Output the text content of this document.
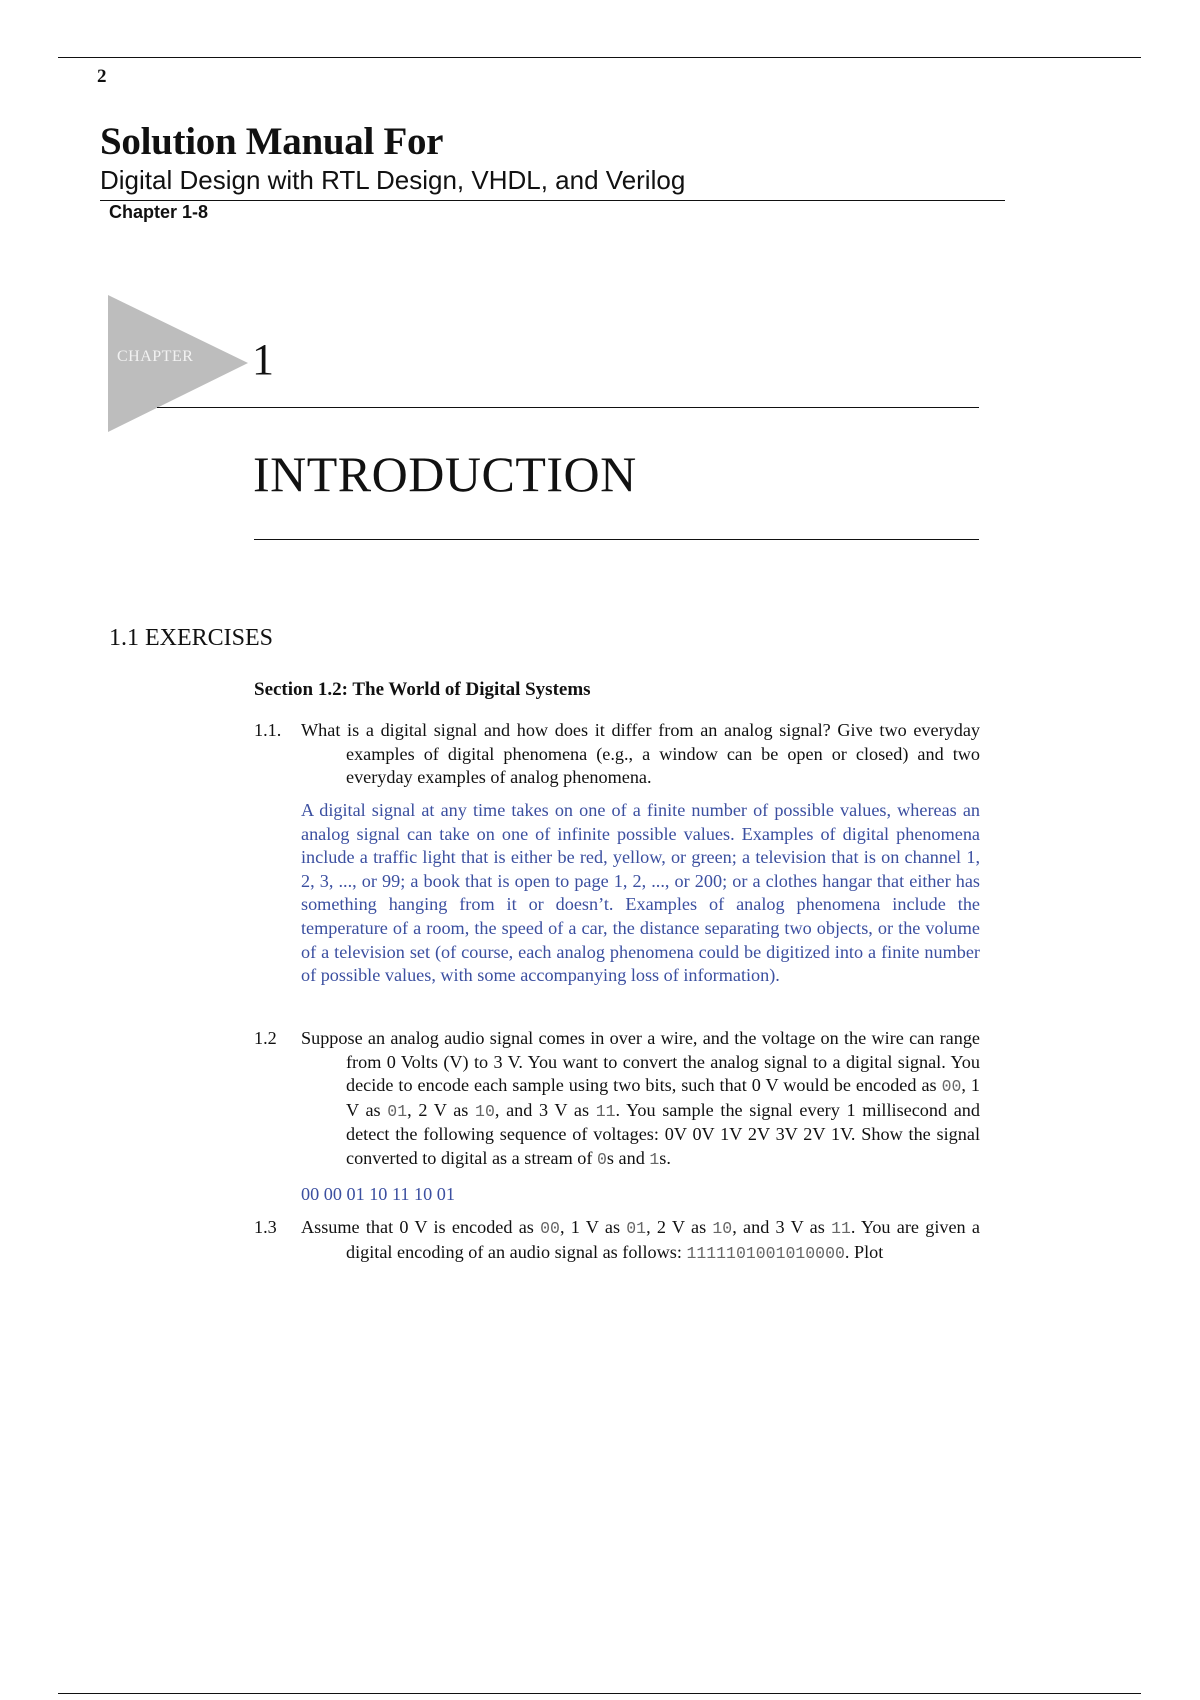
2
Solution Manual For
Digital Design with RTL Design, VHDL, and Verilog
Chapter 1-8
CHAPTER 1
INTRODUCTION
1.1 EXERCISES
Section 1.2: The World of Digital Systems
1.1. What is a digital signal and how does it differ from an analog signal? Give two everyday examples of digital phenomena (e.g., a window can be open or closed) and two everyday examples of analog phenomena.
A digital signal at any time takes on one of a finite number of possible values, whereas an analog signal can take on one of infinite possible values. Examples of digital phenomena include a traffic light that is either be red, yellow, or green; a television that is on channel 1, 2, 3, ..., or 99; a book that is open to page 1, 2, ..., or 200; or a clothes hangar that either has something hanging from it or doesn’t. Examples of analog phenomena include the temperature of a room, the speed of a car, the distance separating two objects, or the volume of a television set (of course, each analog phenomena could be digitized into a finite number of possible values, with some accompanying loss of information).
1.2 Suppose an analog audio signal comes in over a wire, and the voltage on the wire can range from 0 Volts (V) to 3 V. You want to convert the analog signal to a digital signal. You decide to encode each sample using two bits, such that 0 V would be encoded as 00, 1 V as 01, 2 V as 10, and 3 V as 11. You sample the signal every 1 millisecond and detect the following sequence of voltages: 0V 0V 1V 2V 3V 2V 1V. Show the signal converted to digital as a stream of 0s and 1s.
00 00 01 10 11 10 01
1.3 Assume that 0 V is encoded as 00, 1 V as 01, 2 V as 10, and 3 V as 11. You are given a digital encoding of an audio signal as follows: 1111101001010000. Plot
